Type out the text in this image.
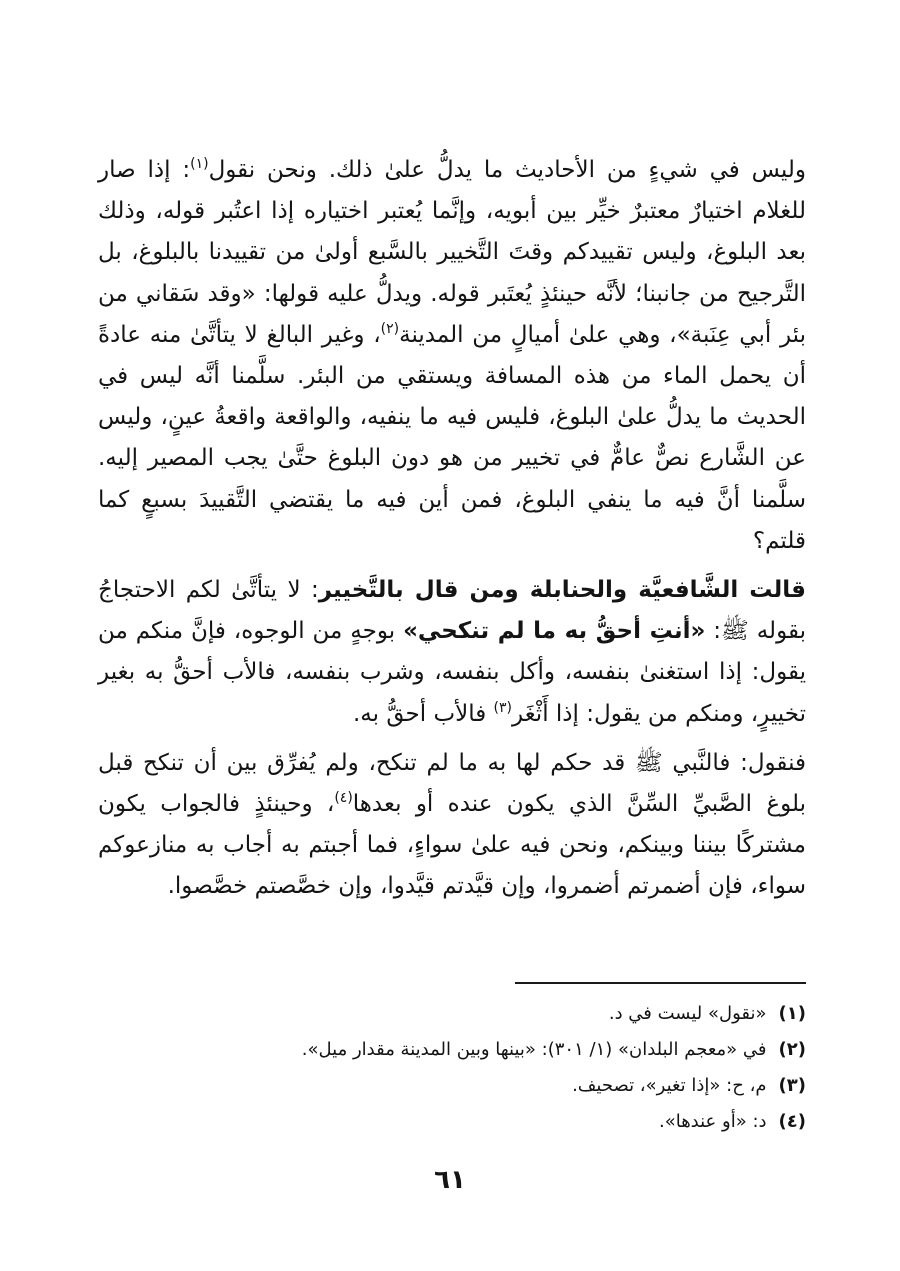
وليس في شيءٍ من الأحاديث ما يدلُّ علىٰ ذلك. ونحن نقول$^{(١)}$: إذا صار للغلام اختيارٌ معتبرٌ خيِّر بين أبويه، وإنَّما يُعتبر اختياره إذا اعتُبر قوله، وذلك بعد البلوغ، وليس تقييدكم وقتَ التَّخيير بالسَّبع أولىٰ من تقييدنا بالبلوغ، بل التَّرجيح من جانبنا؛ لأنَّه حينئذٍ يُعتَبر قوله. ويدلُّ عليه قولها: «وقد سَقاني من بئر أبي عِنَبة»، وهي علىٰ أميالٍ من المدينة$^{(٢)}$، وغير البالغ لا يتأتَّىٰ منه عادةً أن يحمل الماء من هذه المسافة ويستقي من البئر. سلَّمنا أنَّه ليس في الحديث ما يدلُّ علىٰ البلوغ، فليس فيه ما ينفيه، والواقعة واقعةُ عينٍ، وليس عن الشَّارع نصٌّ عامٌّ في تخيير من هو دون البلوغ حتَّىٰ يجب المصير إليه. سلَّمنا أنَّ فيه ما ينفي البلوغ، فمن أين فيه ما يقتضي التَّقييدَ بسبعٍ كما قلتم؟

قالت الشَّافعيَّة والحنابلة ومن قال بالتَّخيير: لا يتأتَّىٰ لكم الاحتجاجُ بقوله ﷺ: «أنتِ أحقُّ به ما لم تنكحي» بوجهٍ من الوجوه، فإنَّ منكم من يقول: إذا استغنىٰ بنفسه، وأكل بنفسه، وشرب بنفسه، فالأب أحقُّ به بغير تخييرٍ، ومنكم من يقول: إذا أَثْغَر$^{(٣)}$ فالأب أحقُّ به.

فنقول: فالنَّبي ﷺ قد حكم لها به ما لم تنكح، ولم يُفرِّق بين أن تنكح قبل بلوغ الصَّبيِّ السِّنَّ الذي يكون عنده أو بعدها$^{(٤)}$، وحينئذٍ فالجواب يكون مشتركًا بيننا وبينكم، ونحن فيه علىٰ سواءٍ، فما أجبتم به أجاب به منازعوكم سواء، فإن أضمرتم أضمروا، وإن قيَّدتم قيَّدوا، وإن خصَّصتم خصَّصوا.

(١)«نقول» ليست في د.
(٢)في «معجم البلدان» (١/ ٣٠١): «بينها وبين المدينة مقدار ميل».
(٣)م، ح: «إذا تغير»، تصحيف.
(٤)د: «أو عندها».
٦١
